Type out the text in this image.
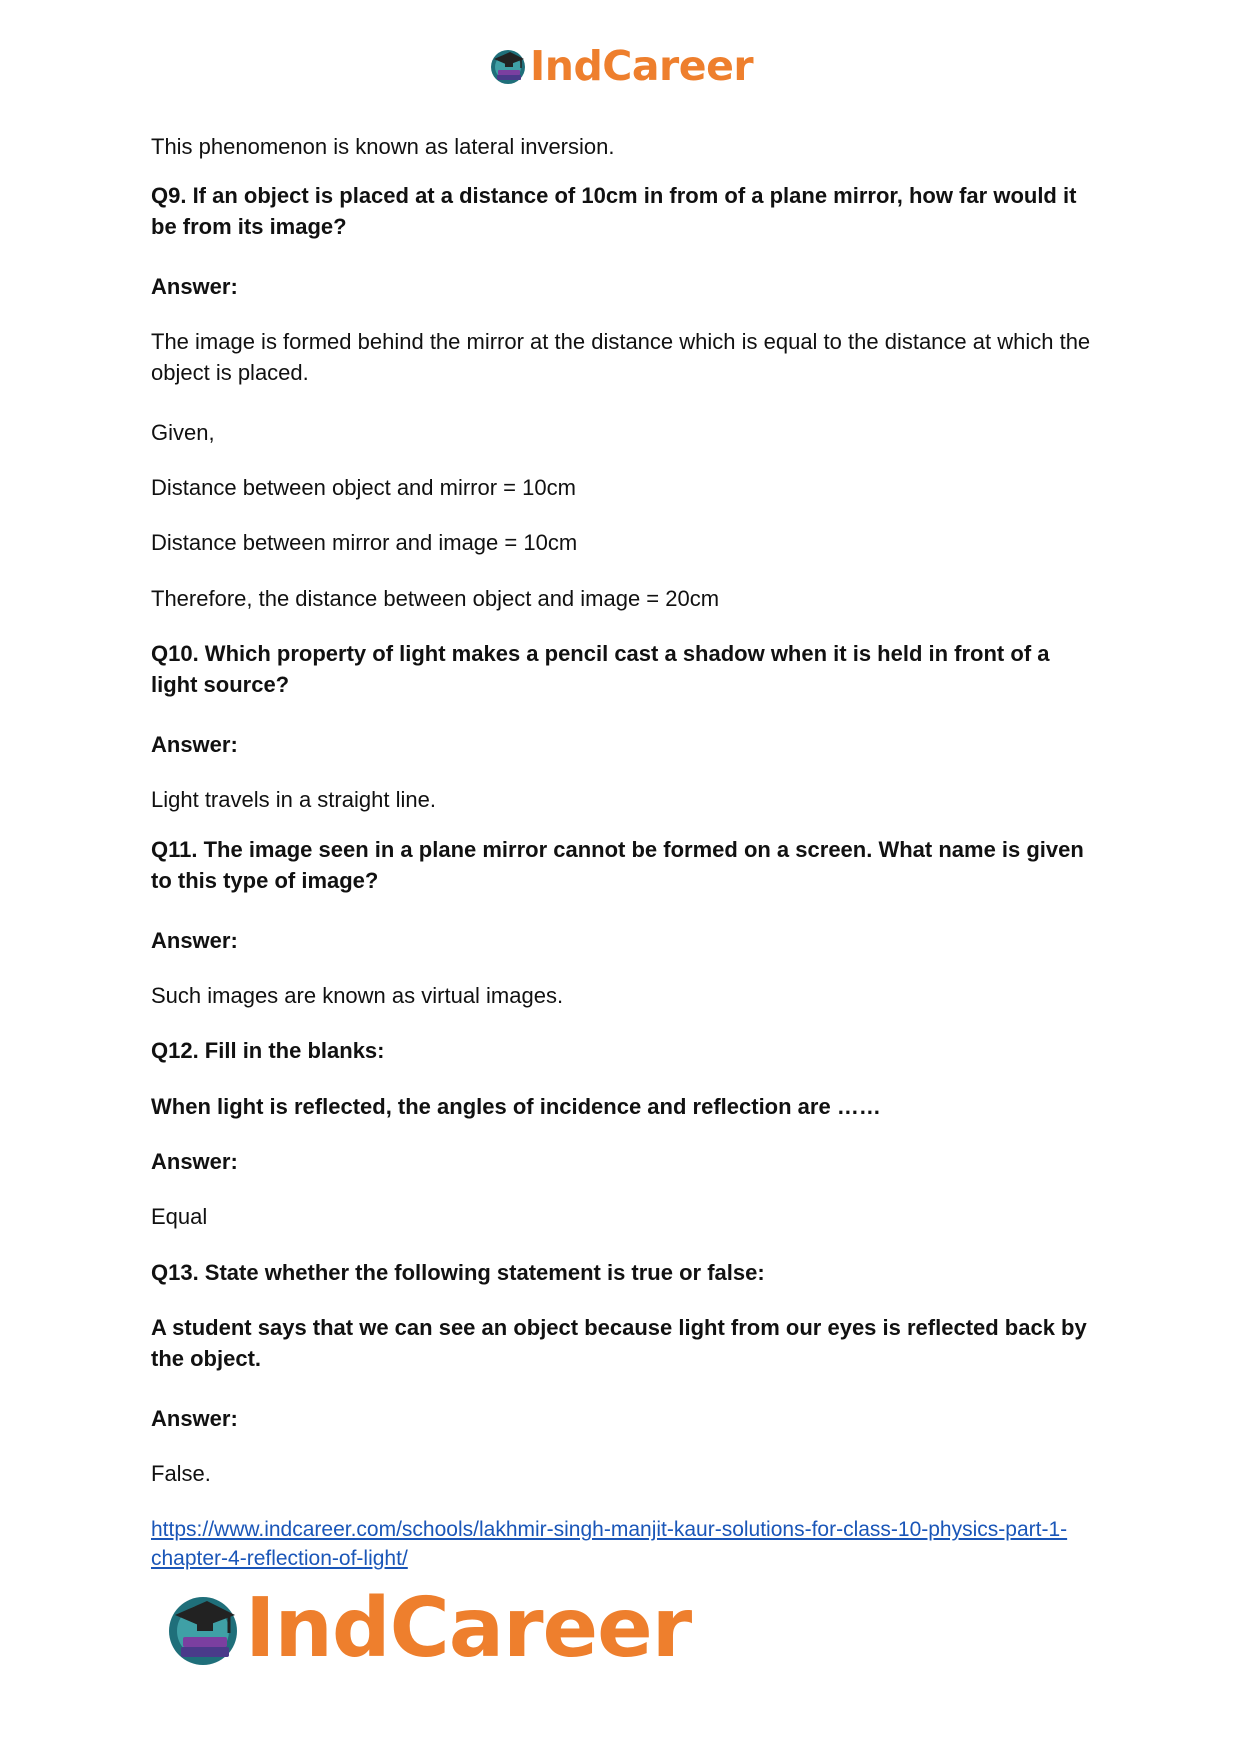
IndCareer

This phenomenon is known as lateral inversion.

Q9. If an object is placed at a distance of 10cm in from of a plane mirror, how far would it be from its image?

Answer:

The image is formed behind the mirror at the distance which is equal to the distance at which the object is placed.

Given,

Distance between object and mirror = 10cm

Distance between mirror and image = 10cm

Therefore, the distance between object and image = 20cm

Q10. Which property of light makes a pencil cast a shadow when it is held in front of a light source?

Answer:

Light travels in a straight line.

Q11. The image seen in a plane mirror cannot be formed on a screen. What name is given to this type of image?

Answer:

Such images are known as virtual images.

Q12. Fill in the blanks:

When light is reflected, the angles of incidence and reflection are ……

Answer:

Equal

Q13. State whether the following statement is true or false:

A student says that we can see an object because light from our eyes is reflected back by the object.

Answer:

False.

https://www.indcareer.com/schools/lakhmir-singh-manjit-kaur-solutions-for-class-10-physics-part-1-chapter-4-reflection-of-light/
IndCareer
